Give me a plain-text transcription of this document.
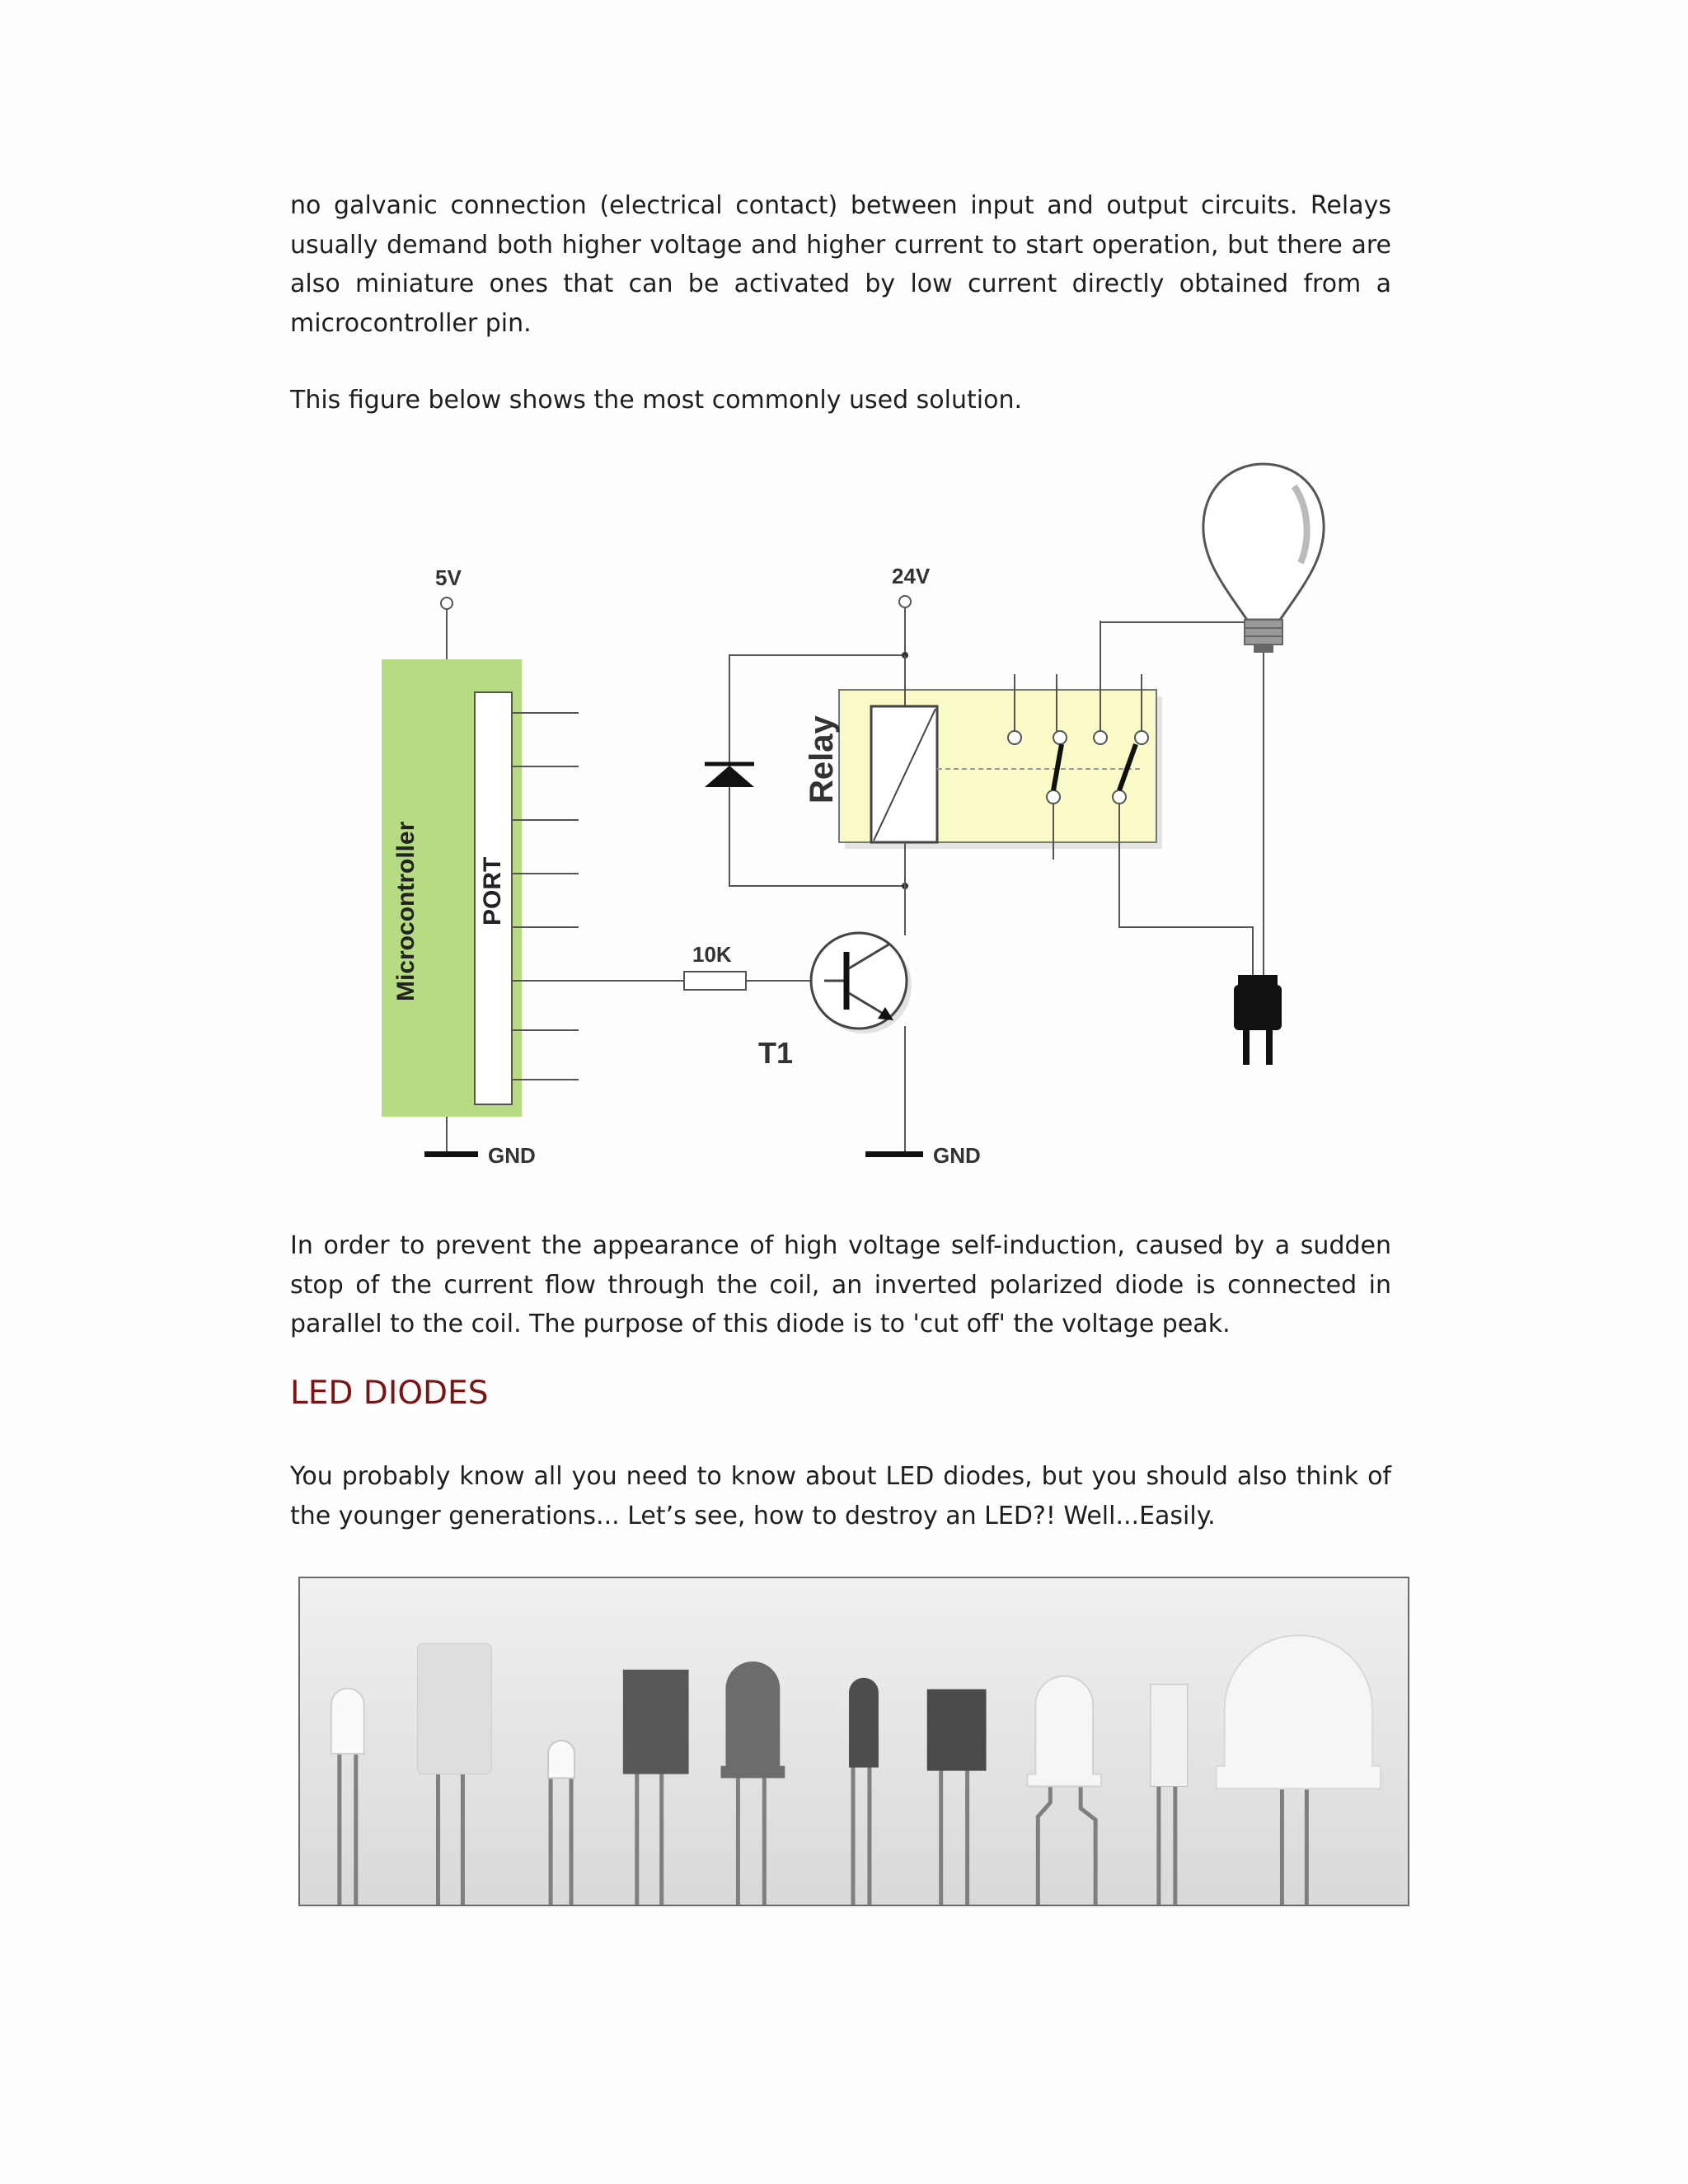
no galvanic connection (electrical contact) between input and output circuits. Relays usually demand both higher voltage and higher current to start operation, but there are also miniature ones that can be activated by low current directly obtained from a microcontroller pin.

This figure below shows the most commonly used solution.

5V
Microcontroller PORT
GND
10K
24V
Relay
T1
GND

In order to prevent the appearance of high voltage self-induction, caused by a sudden stop of the current flow through the coil, an inverted polarized diode is connected in parallel to the coil. The purpose of this diode is to 'cut off' the voltage peak.

LED DIODES

You probably know all you need to know about LED diodes, but you should also think of the younger generations... Let’s see, how to destroy an LED?! Well...Easily.
